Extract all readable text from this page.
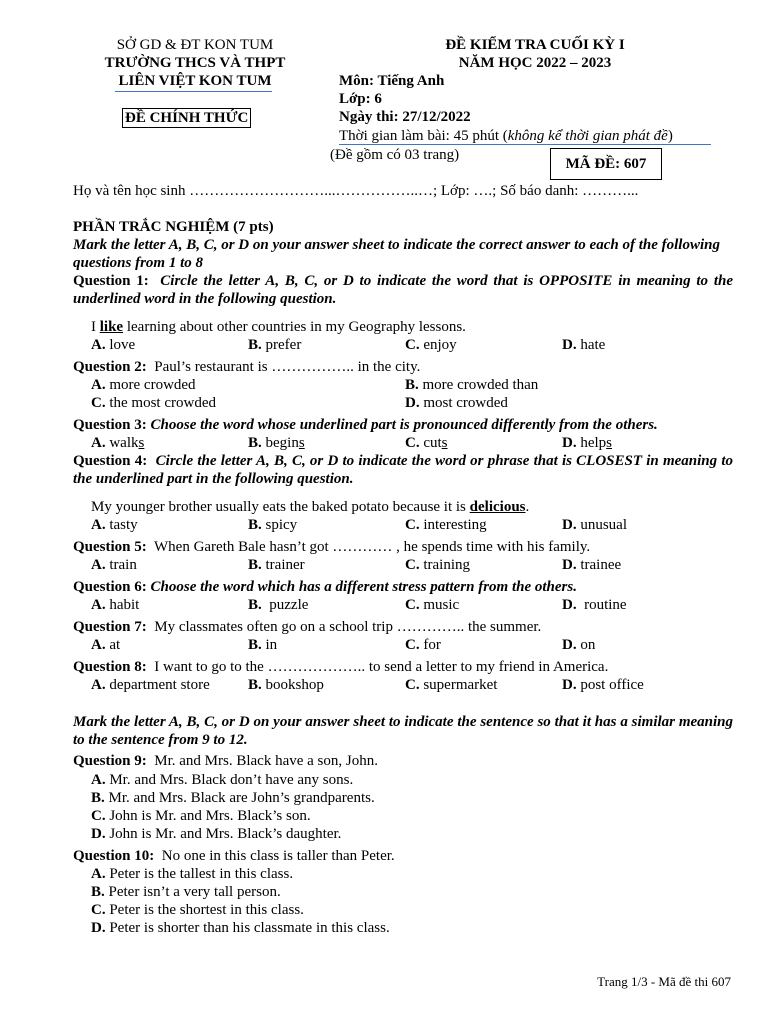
SỞ GD & ĐT KON TUM
TRƯỜNG THCS VÀ THPT
LIÊN VIỆT KON TUM
ĐỀ CHÍNH THỨC
ĐỀ KIỂM TRA CUỐI KỲ I
NĂM HỌC 2022 – 2023
Môn: Tiếng Anh
Lớp: 6
Ngày thi: 27/12/2022
Thời gian làm bài: 45 phút (không kể thời gian phát đề)
(Đề gồm có 03 trang)
MÃ ĐỀ: 607
Họ và tên học sinh ………………………...……………..…; Lớp: ….; Số báo danh: ………...
PHẦN TRẮC NGHIỆM (7 pts)
Mark the letter A, B, C, or D on your answer sheet to indicate the correct answer to each of the following questions from 1 to 8
Question 1: Circle the letter A, B, C, or D to indicate the word that is OPPOSITE in meaning to the underlined word in the following question.
I like learning about other countries in my Geography lessons.
A. love	B. prefer	C. enjoy	D. hate
Question 2: Paul’s restaurant is …………….. in the city.
A. more crowded	B. more crowded than
C. the most crowded	D. most crowded
Question 3: Choose the word whose underlined part is pronounced differently from the others.
A. walks	B. begins	C. cuts	D. helps
Question 4: Circle the letter A, B, C, or D to indicate the word or phrase that is CLOSEST in meaning to the underlined part in the following question.
My younger brother usually eats the baked potato because it is delicious.
A. tasty	B. spicy	C. interesting	D. unusual
Question 5: When Gareth Bale hasn’t got ………… , he spends time with his family.
A. train	B. trainer	C. training	D. trainee
Question 6: Choose the word which has a different stress pattern from the others.
A. habit	B. puzzle	C. music	D. routine
Question 7: My classmates often go on a school trip ………….. the summer.
A. at	B. in	C. for	D. on
Question 8: I want to go to the ……………….. to send a letter to my friend in America.
A. department store	B. bookshop	C. supermarket	D. post office
Mark the letter A, B, C, or D on your answer sheet to indicate the sentence so that it has a similar meaning to the sentence from 9 to 12.
Question 9: Mr. and Mrs. Black have a son, John.
A. Mr. and Mrs. Black don’t have any sons.
B. Mr. and Mrs. Black are John’s grandparents.
C. John is Mr. and Mrs. Black’s son.
D. John is Mr. and Mrs. Black’s daughter.
Question 10: No one in this class is taller than Peter.
A. Peter is the tallest in this class.
B. Peter isn’t a very tall person.
C. Peter is the shortest in this class.
D. Peter is shorter than his classmate in this class.
Trang 1/3 - Mã đề thi 607
